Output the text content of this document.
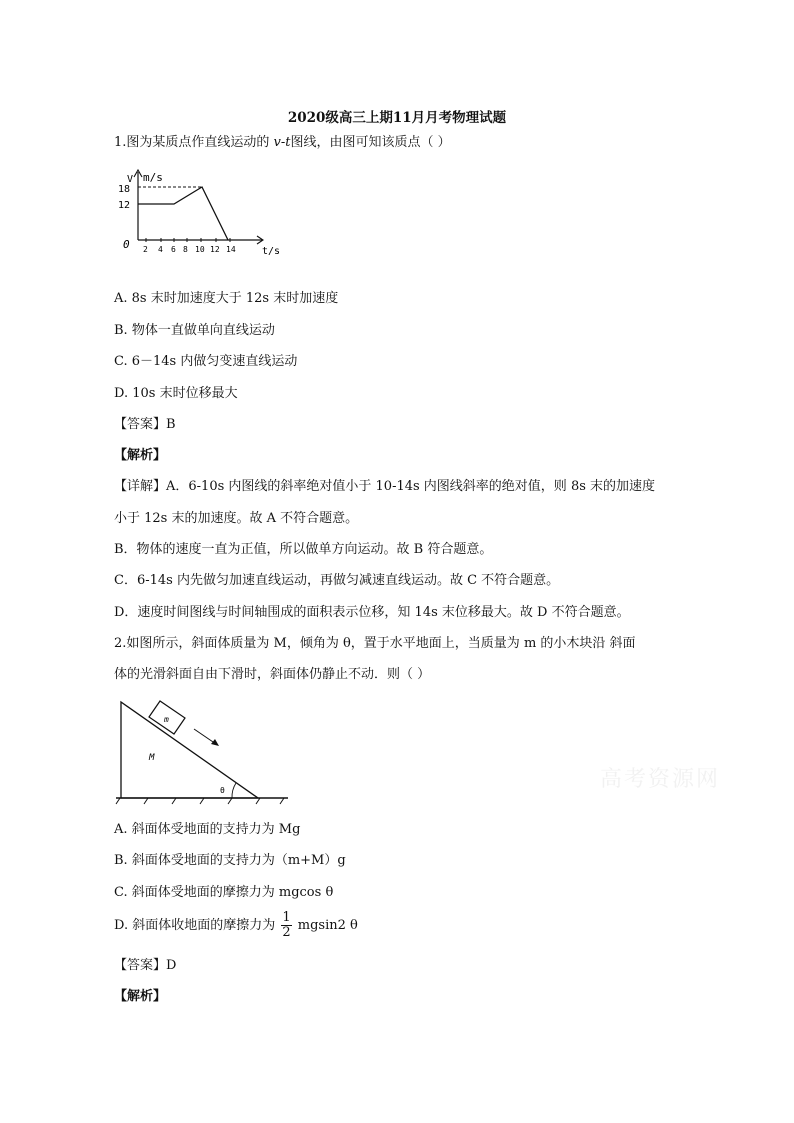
2020级高三上期11月月考物理试题
1.图为某质点作直线运动的 v-t图线，由图可知该质点（ ）
V m/s
t/s
0
18
12
2 4 6 8 10 12 14
A. 8s 末时加速度大于 12s 末时加速度
B. 物体一直做单向直线运动
C. 6－14s 内做匀变速直线运动
D. 10s 末时位移最大
【答案】B
【解析】
【详解】A．6-10s 内图线的斜率绝对值小于 10-14s 内图线斜率的绝对值，则 8s 末的加速度
小于 12s 末的加速度。故 A 不符合题意。
B．物体的速度一直为正值，所以做单方向运动。故 B 符合题意。
C．6-14s 内先做匀加速直线运动，再做匀减速直线运动。故 C 不符合题意。
D．速度时间图线与时间轴围成的面积表示位移，知 14s 末位移最大。故 D 不符合题意。
2.如图所示，斜面体质量为 M，倾角为 θ，置于水平地面上，当质量为 m 的小木块沿 斜面
体的光滑斜面自由下滑时，斜面体仍静止不动．则（ ）
m
M
θ	高考资源网
A. 斜面体受地面的支持力为 Mg
B. 斜面体受地面的支持力为（m+M）g
C. 斜面体受地面的摩擦力为 mgcos θ
D. 斜面体收地面的摩擦力为 $\frac{1}{2} mgsin2$ θ
【答案】D
【解析】
